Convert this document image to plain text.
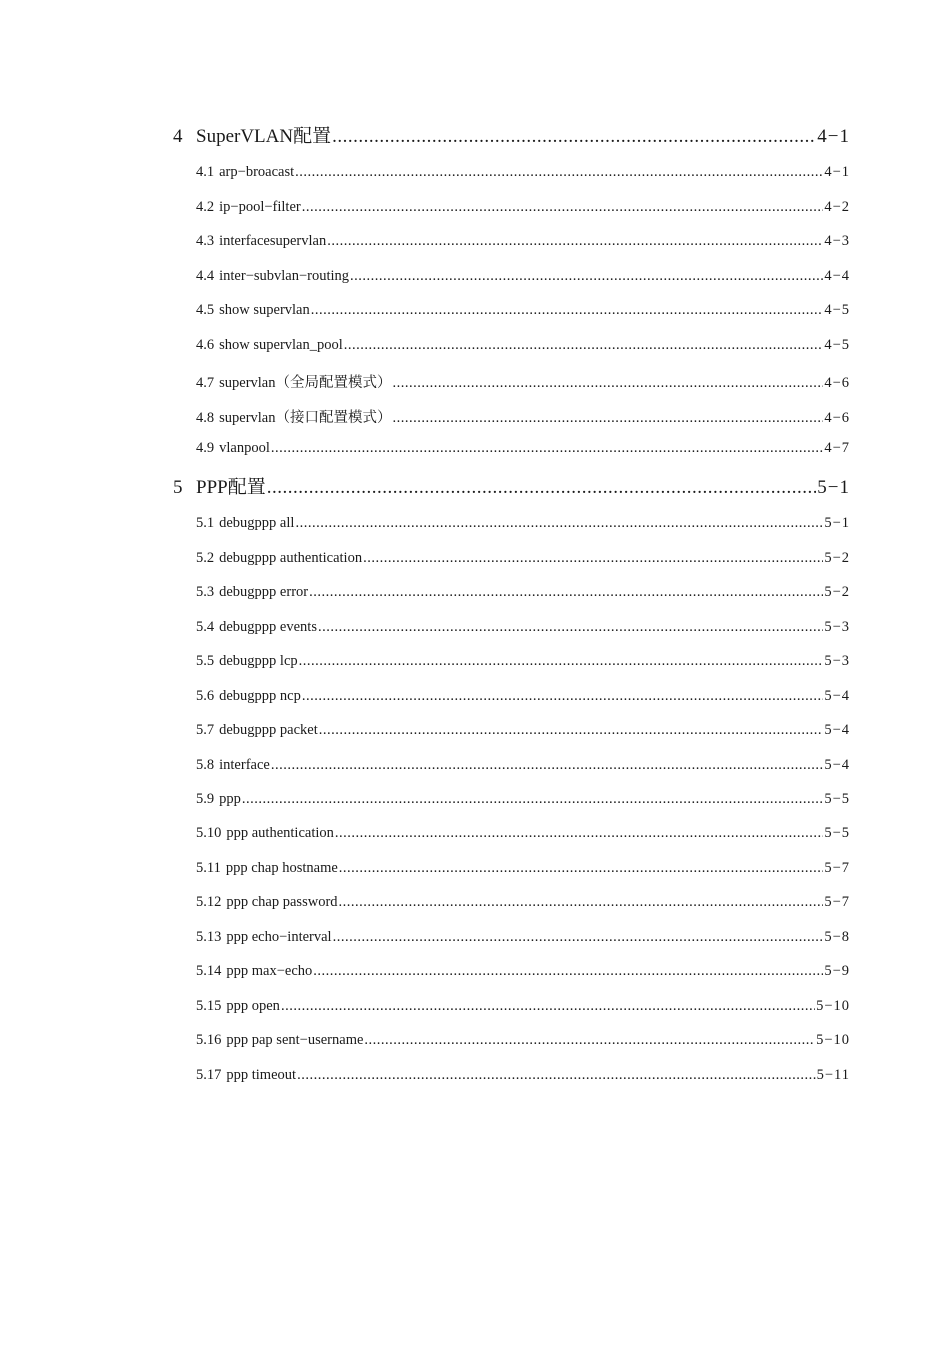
4 SuperVLAN配置 .....	4−1
4.1 arp−broacast .....	4−1
4.2 ip−pool−filter .....	4−2
4.3 interfacesupervlan .....	4−3
4.4 inter−subvlan−routing .....	4−4
4.5 show supervlan .....	4−5
4.6 show supervlan_pool .....	4−5
4.7 supervlan（全局配置模式） .....	4−6
4.8 supervlan（接口配置模式） .....	4−6
4.9 vlanpool .....	4−7
5 PPP配置 .....	5−1
5.1 debugppp all .....	5−1
5.2 debugppp authentication .....	5−2
5.3 debugppp error .....	5−2
5.4 debugppp events .....	5−3
5.5 debugppp lcp .....	5−3
5.6 debugppp ncp .....	5−4
5.7 debugppp packet .....	5−4
5.8 interface .....	5−4
5.9 ppp .....	5−5
5.10 ppp authentication .....	5−5
5.11 ppp chap hostname .....	5−7
5.12 ppp chap password .....	5−7
5.13 ppp echo−interval .....	5−8
5.14 ppp max−echo .....	5−9
5.15 ppp open .....	5−10
5.16 ppp pap sent−username .....	5−10
5.17 ppp timeout .....	5−11
